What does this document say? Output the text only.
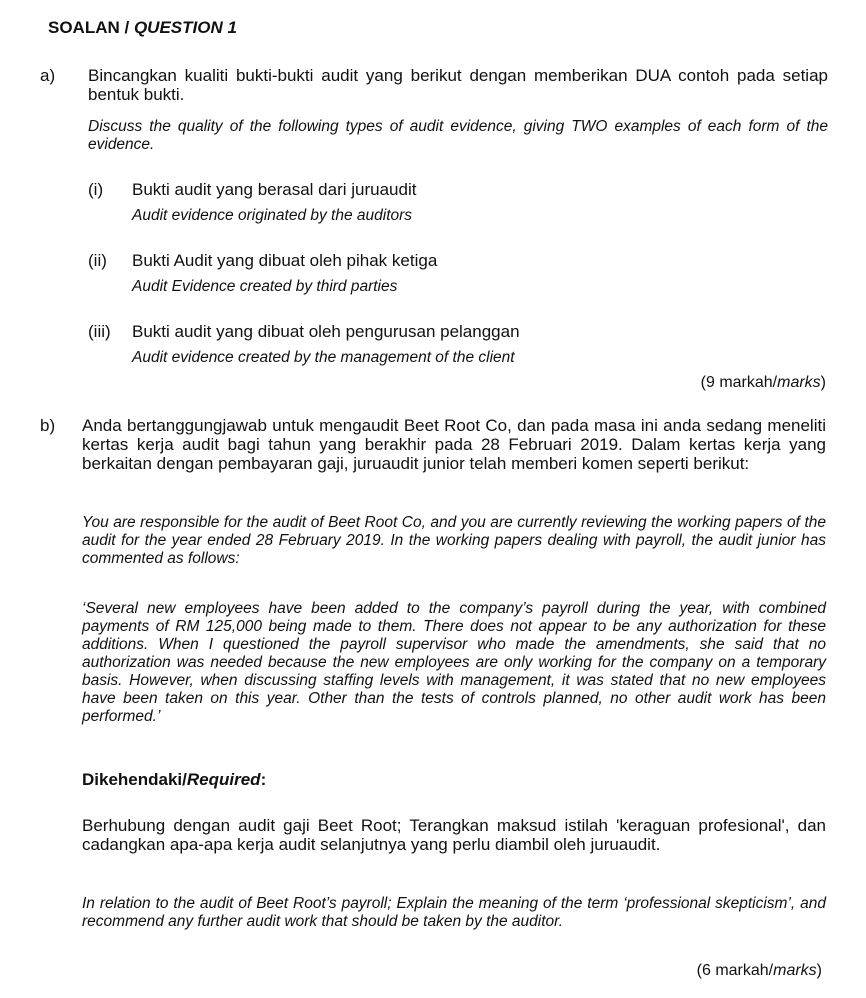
SOALAN / QUESTION 1
a) Bincangkan kualiti bukti-bukti audit yang berikut dengan memberikan DUA contoh pada setiap bentuk bukti.
Discuss the quality of the following types of audit evidence, giving TWO examples of each form of the evidence.
(i) Bukti audit yang berasal dari juruaudit
Audit evidence originated by the auditors
(ii) Bukti Audit yang dibuat oleh pihak ketiga
Audit Evidence created by third parties
(iii) Bukti audit yang dibuat oleh pengurusan pelanggan
Audit evidence created by the management of the client
(9 markah/marks)
b) Anda bertanggungjawab untuk mengaudit Beet Root Co, dan pada masa ini anda sedang meneliti kertas kerja audit bagi tahun yang berakhir pada 28 Februari 2019. Dalam kertas kerja yang berkaitan dengan pembayaran gaji, juruaudit junior telah memberi komen seperti berikut:
You are responsible for the audit of Beet Root Co, and you are currently reviewing the working papers of the audit for the year ended 28 February 2019. In the working papers dealing with payroll, the audit junior has commented as follows:
‘Several new employees have been added to the company’s payroll during the year, with combined payments of RM 125,000 being made to them. There does not appear to be any authorization for these additions. When I questioned the payroll supervisor who made the amendments, she said that no authorization was needed because the new employees are only working for the company on a temporary basis. However, when discussing staffing levels with management, it was stated that no new employees have been taken on this year. Other than the tests of controls planned, no other audit work has been performed.’
Dikehendaki/Required:
Berhubung dengan audit gaji Beet Root; Terangkan maksud istilah 'keraguan profesional', dan cadangkan apa-apa kerja audit selanjutnya yang perlu diambil oleh juruaudit.
In relation to the audit of Beet Root’s payroll; Explain the meaning of the term ‘professional skepticism’, and recommend any further audit work that should be taken by the auditor.
(6 markah/marks)
